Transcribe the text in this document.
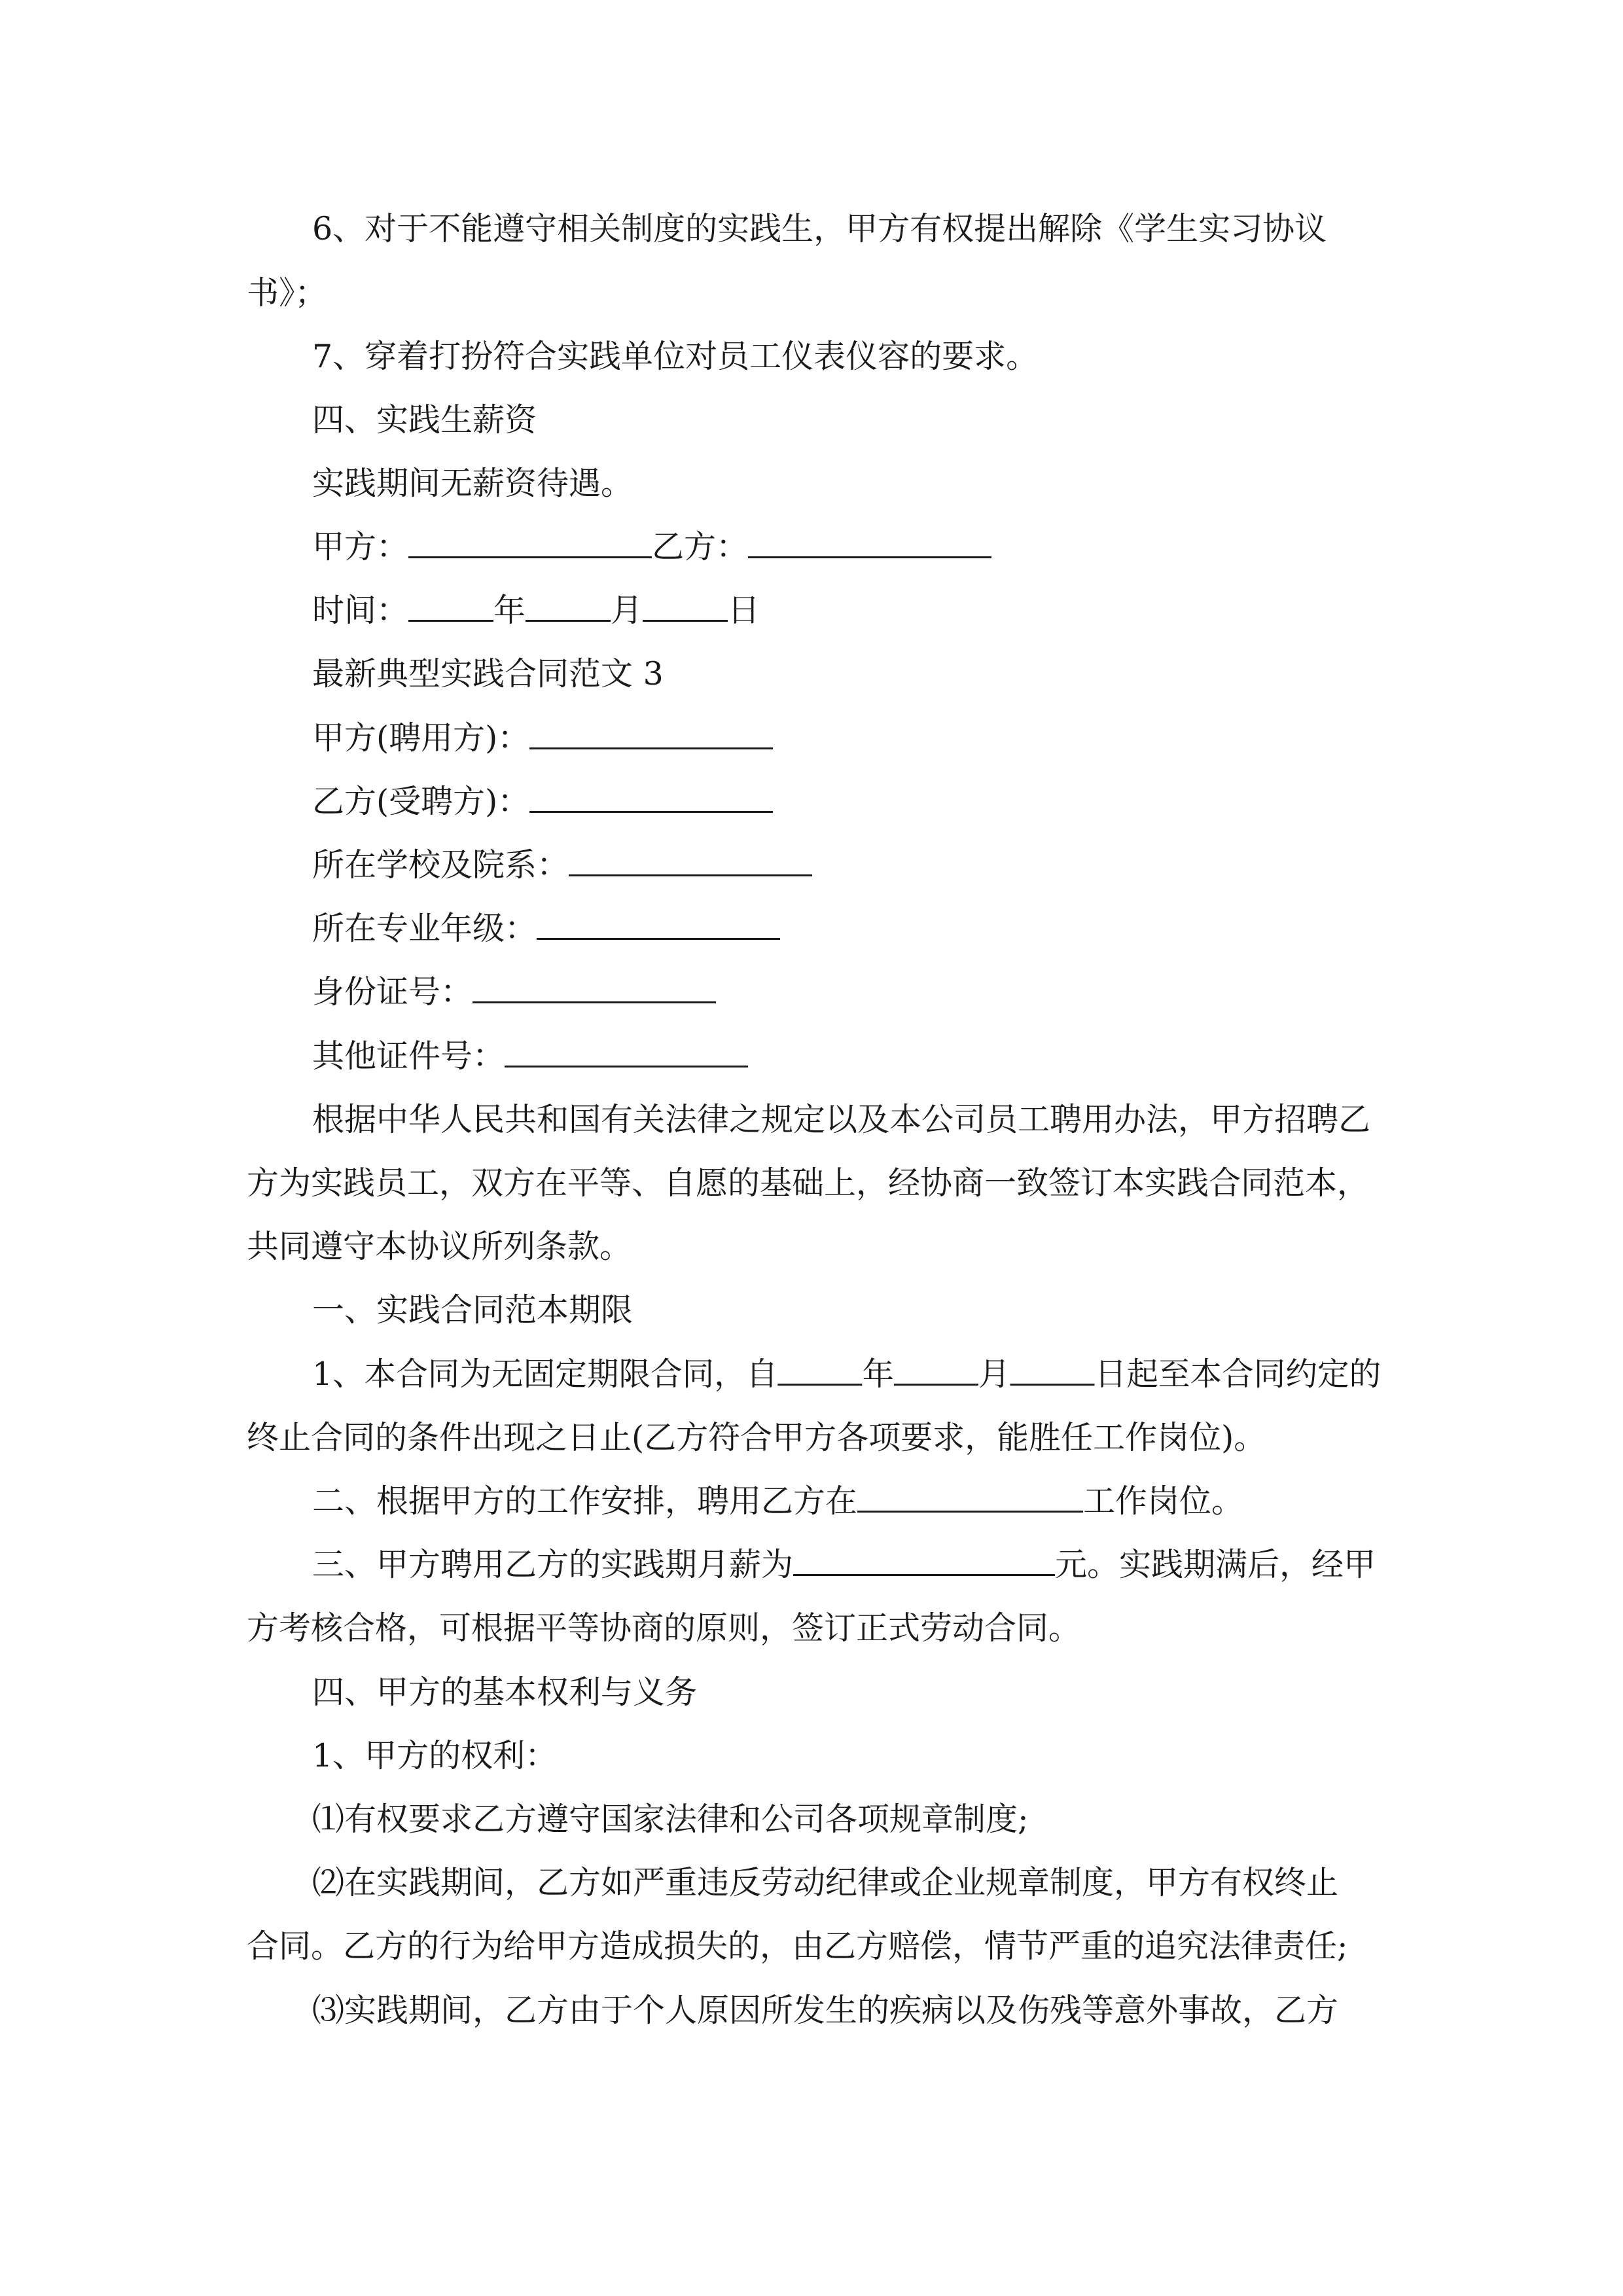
6、对于不能遵守相关制度的实践生，甲方有权提出解除《学生实习协议
书》；
7、穿着打扮符合实践单位对员工仪表仪容的要求。
四、实践生薪资
实践期间无薪资待遇。
甲方：	乙方：
时间：	年	月	日
最新典型实践合同范文 3
甲方(聘用方)：
乙方(受聘方)：
所在学校及院系：
所在专业年级：
身份证号：
其他证件号：
根据中华人民共和国有关法律之规定以及本公司员工聘用办法，甲方招聘乙
方为实践员工，双方在平等、自愿的基础上，经协商一致签订本实践合同范本，
共同遵守本协议所列条款。
一、实践合同范本期限
1、本合同为无固定期限合同，自	年	月	日起至本合同约定的
终止合同的条件出现之日止(乙方符合甲方各项要求，能胜任工作岗位)。
二、根据甲方的工作安排，聘用乙方在	工作岗位。
三、甲方聘用乙方的实践期月薪为	元。实践期满后，经甲
方考核合格，可根据平等协商的原则，签订正式劳动合同。
四、甲方的基本权利与义务
1、甲方的权利：
⑴有权要求乙方遵守国家法律和公司各项规章制度;
⑵在实践期间，乙方如严重违反劳动纪律或企业规章制度，甲方有权终止
合同。乙方的行为给甲方造成损失的，由乙方赔偿，情节严重的追究法律责任;
⑶实践期间，乙方由于个人原因所发生的疾病以及伤残等意外事故，乙方
